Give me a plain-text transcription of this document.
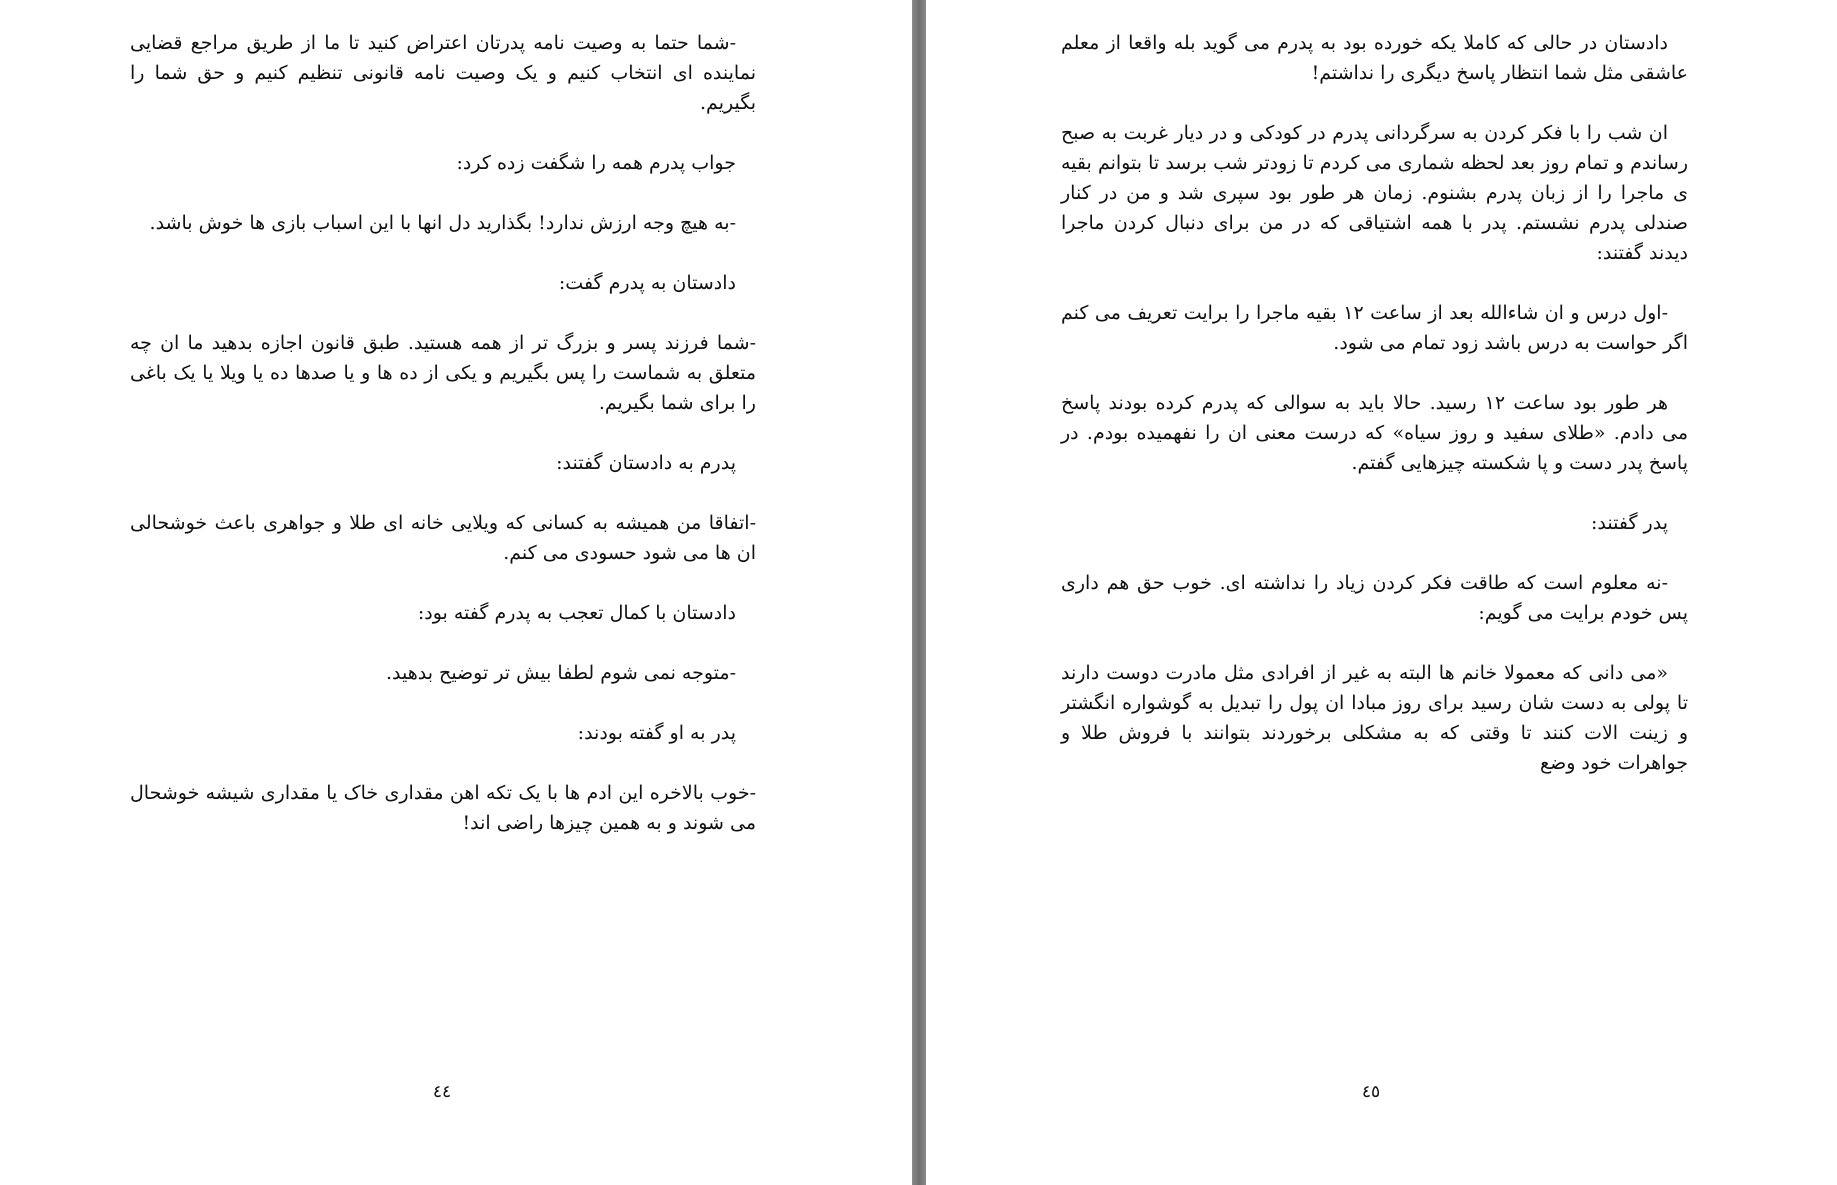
-شما حتما به وصیت نامه پدرتان اعتراض کنید تا ما از طریق مراجع قضایی نماینده ای انتخاب کنیم و یک وصیت نامه قانونی تنظیم کنیم و حق شما را بگیریم.

جواب پدرم همه را شگفت زده کرد:

-به هیچ وجه ارزش ندارد! بگذارید دل انها با این اسباب بازی ها خوش باشد.

دادستان به پدرم گفت:

-شما فرزند پسر و بزرگ تر از همه هستید. طبق قانون اجازه بدهید ما ان چه متعلق به شماست را پس بگیریم و یکی از ده ها و یا صدها ده یا ویلا یا یک باغی را برای شما بگیریم.

پدرم به دادستان گفتند:

-اتفاقا من همیشه به کسانی که ویلایی خانه ای طلا و جواهری باعث خوشحالی ان ها می شود حسودی می کنم.

دادستان با کمال تعجب به پدرم گفته بود:

-متوجه نمی شوم لطفا بیش تر توضیح بدهید.

پدر به او گفته بودند:

-خوب بالاخره این ادم ها با یک تکه اهن مقداری خاک یا مقداری شیشه خوشحال می شوند و به همین چیزها راضی اند!

٤٤

دادستان در حالی که کاملا یکه خورده بود به پدرم می گوید بله واقعا از معلم عاشقی مثل شما انتظار پاسخ دیگری را نداشتم!

ان شب را با فکر کردن به سرگردانی پدرم در کودکی و در دیار غربت به صبح رساندم و تمام روز بعد لحظه شماری می کردم تا زودتر شب برسد تا بتوانم بقیه ی ماجرا را از زبان پدرم بشنوم. زمان هر طور بود سپری شد و من در کنار صندلی پدرم نشستم. پدر با همه اشتیاقی که در من برای دنبال کردن ماجرا دیدند گفتند:

-اول درس و ان شاءالله بعد از ساعت ١٢ بقیه ماجرا را برایت تعریف می کنم اگر حواست به درس باشد زود تمام می شود.

هر طور بود ساعت ١٢ رسید. حالا باید به سوالی که پدرم کرده بودند پاسخ می دادم. «طلای سفید و روز سیاه» که درست معنی ان را نفهمیده بودم. در پاسخ پدر دست و پا شکسته چیزهایی گفتم.

پدر گفتند:

-نه معلوم است که طاقت فکر کردن زیاد را نداشته ای. خوب حق هم داری پس خودم برایت می گویم:

«می دانی که معمولا خانم ها البته به غیر از افرادی مثل مادرت دوست دارند تا پولی به دست شان رسید برای روز مبادا ان پول را تبدیل به گوشواره انگشتر و زینت الات کنند تا وقتی که به مشکلی برخوردند بتوانند با فروش طلا و جواهرات خود وضع

٤٥
